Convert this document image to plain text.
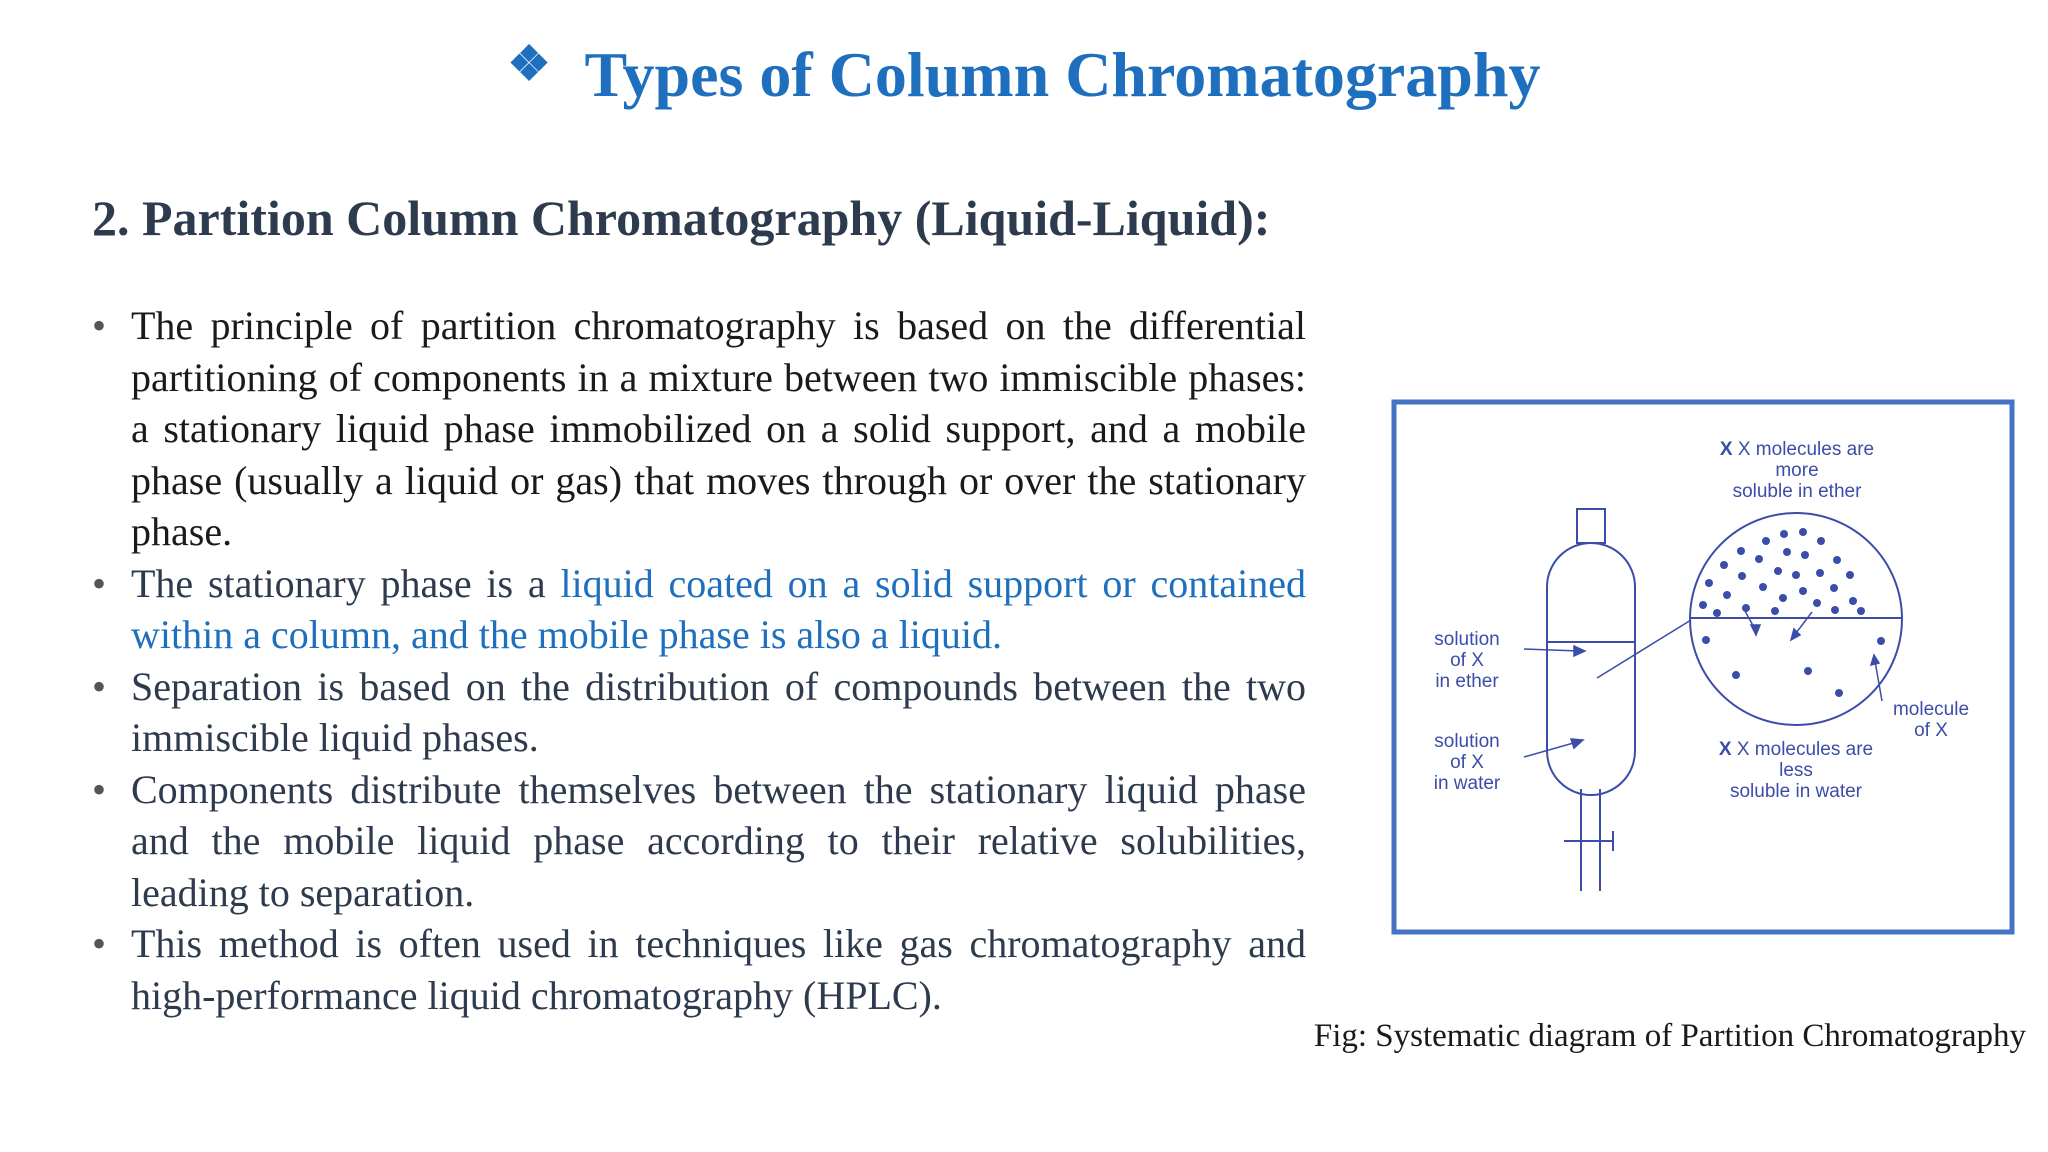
❖ Types of Column Chromatography
2. Partition Column Chromatography (Liquid-Liquid):
• The principle of partition chromatography is based on the differential partitioning of components in a mixture between two immiscible phases: a stationary liquid phase immobilized on a solid support, and a mobile phase (usually a liquid or gas) that moves through or over the stationary phase.
• The stationary phase is a liquid coated on a solid support or contained within a column, and the mobile phase is also a liquid.
• Separation is based on the distribution of compounds between the two immiscible liquid phases.
• Components distribute themselves between the stationary liquid phase and the mobile liquid phase according to their relative solubilities, leading to separation.
• This method is often used in techniques like gas chromatography and high-performance liquid chromatography (HPLC).
X X molecules are
more
soluble in ether
X X molecules are
less
soluble in water
solution
of X
in ether
solution
of X
in water
molecule
of X
Fig: Systematic diagram of Partition Chromatography
